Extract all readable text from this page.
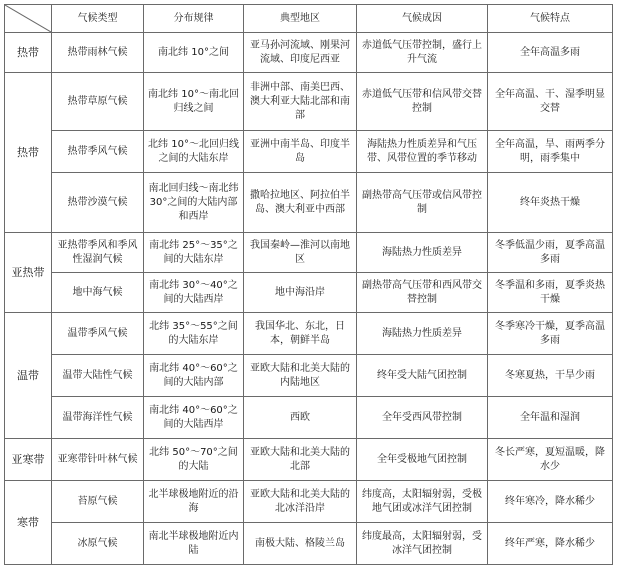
	气候类型	分布规律	典型地区	气候成因	气候特点
热带	热带雨林气候	南北纬 10°之间	亚马孙河流域、刚果河流域、印度尼西亚	赤道低气压带控制，盛行上升气流	全年高温多雨
热带	热带草原气候	南北纬 10°～南北回归线之间	非洲中部、南美巴西、澳大利亚大陆北部和南部	赤道低气压带和信风带交替控制	全年高温、干、湿季明显交替
	热带季风气候	北纬 10°～北回归线之间的大陆东岸	亚洲中南半岛、印度半岛	海陆热力性质差异和气压带、风带位置的季节移动	全年高温，旱、雨两季分明，雨季集中
	热带沙漠气候	南北回归线～南北纬 30°之间的大陆内部和西岸	撒哈拉地区、阿拉伯半岛、澳大利亚中西部	副热带高气压带或信风带控制	终年炎热干燥
亚热带	亚热带季风和季风性湿润气候	南北纬 25°～35°之间的大陆东岸	我国秦岭—淮河以南地区	海陆热力性质差异	冬季低温少雨，夏季高温多雨
	地中海气候	南北纬 30°～40°之间的大陆西岸	地中海沿岸	副热带高气压带和西风带交替控制	冬季温和多雨，夏季炎热干燥
温带	温带季风气候	北纬 35°～55°之间的大陆东岸	我国华北、东北，日本，朝鲜半岛	海陆热力性质差异	冬季寒冷干燥，夏季高温多雨
	温带大陆性气候	南北纬 40°～60°之间的大陆内部	亚欧大陆和北美大陆的内陆地区	终年受大陆气团控制	冬寒夏热，干旱少雨
	温带海洋性气候	南北纬 40°～60°之间的大陆西岸	西欧	全年受西风带控制	全年温和湿润
亚寒带	亚寒带针叶林气候	北纬 50°～70°之间的大陆	亚欧大陆和北美大陆的北部	全年受极地气团控制	冬长严寒，夏短温暖，降水少
寒带	苔原气候	北半球极地附近的沿海	亚欧大陆和北美大陆的北冰洋沿岸	纬度高，太阳辐射弱，受极地气团或冰洋气团控制	终年寒冷，降水稀少
	冰原气候	南北半球极地附近内陆	南极大陆、格陵兰岛	纬度最高，太阳辐射弱，受冰洋气团控制	终年严寒，降水稀少
